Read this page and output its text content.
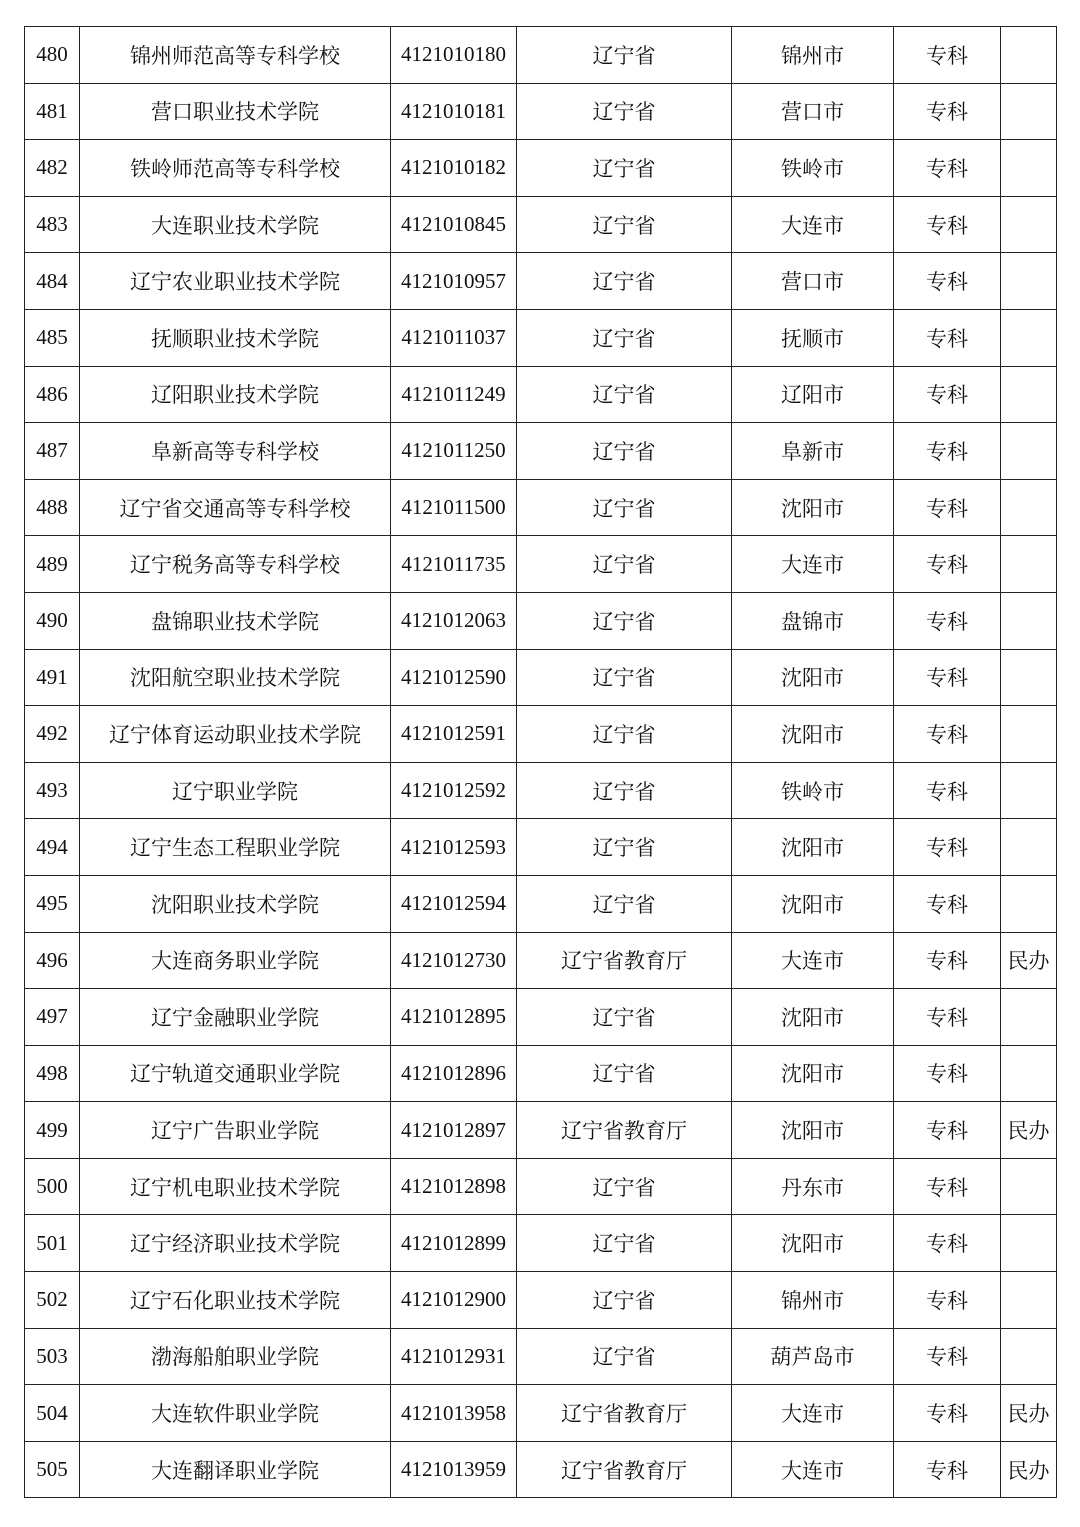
480	锦州师范高等专科学校	4121010180	辽宁省	锦州市	专科	
481	营口职业技术学院	4121010181	辽宁省	营口市	专科	
482	铁岭师范高等专科学校	4121010182	辽宁省	铁岭市	专科	
483	大连职业技术学院	4121010845	辽宁省	大连市	专科	
484	辽宁农业职业技术学院	4121010957	辽宁省	营口市	专科	
485	抚顺职业技术学院	4121011037	辽宁省	抚顺市	专科	
486	辽阳职业技术学院	4121011249	辽宁省	辽阳市	专科	
487	阜新高等专科学校	4121011250	辽宁省	阜新市	专科	
488	辽宁省交通高等专科学校	4121011500	辽宁省	沈阳市	专科	
489	辽宁税务高等专科学校	4121011735	辽宁省	大连市	专科	
490	盘锦职业技术学院	4121012063	辽宁省	盘锦市	专科	
491	沈阳航空职业技术学院	4121012590	辽宁省	沈阳市	专科	
492	辽宁体育运动职业技术学院	4121012591	辽宁省	沈阳市	专科	
493	辽宁职业学院	4121012592	辽宁省	铁岭市	专科	
494	辽宁生态工程职业学院	4121012593	辽宁省	沈阳市	专科	
495	沈阳职业技术学院	4121012594	辽宁省	沈阳市	专科	
496	大连商务职业学院	4121012730	辽宁省教育厅	大连市	专科	民办
497	辽宁金融职业学院	4121012895	辽宁省	沈阳市	专科	
498	辽宁轨道交通职业学院	4121012896	辽宁省	沈阳市	专科	
499	辽宁广告职业学院	4121012897	辽宁省教育厅	沈阳市	专科	民办
500	辽宁机电职业技术学院	4121012898	辽宁省	丹东市	专科	
501	辽宁经济职业技术学院	4121012899	辽宁省	沈阳市	专科	
502	辽宁石化职业技术学院	4121012900	辽宁省	锦州市	专科	
503	渤海船舶职业学院	4121012931	辽宁省	葫芦岛市	专科	
504	大连软件职业学院	4121013958	辽宁省教育厅	大连市	专科	民办
505	大连翻译职业学院	4121013959	辽宁省教育厅	大连市	专科	民办
